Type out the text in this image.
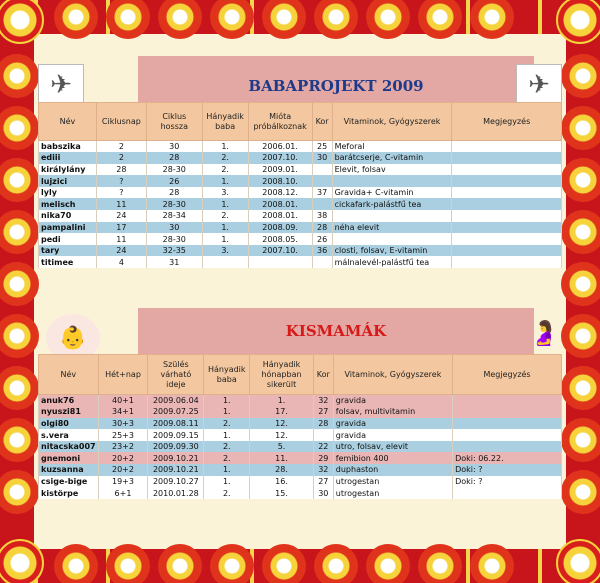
✈	BABAPROJEKT 2009	✈
Név	Ciklusnap	Ciklus hossza	Hányadik baba	Mióta próbálkoznak	Kor	Vitaminok, Gyógyszerek	Megjegyzés
babszika	2	30	1.	2006.01.	25	Meforal	
ediii	2	28	2.	2007.10.	30	barátcserje, C-vitamin	
királylány	28	28-30	2.	2009.01.		Elevit, folsav	
lujzici	?	26	1.	2008.10.			
lyly	?	28	3.	2008.12.	37	Gravida+ C-vitamin	
melisch	11	28-30	1.	2008.01.		cickafark-palástfű tea	
nika70	24	28-34	2.	2008.01.	38		
pampalini	17	30	1.	2008.09.	28	néha elevit	
pedi	11	28-30	1.	2008.05.	26		
tary	24	32-35	3.	2007.10.	36	closti, folsav, E-vitamin	
titimee	4	31				málnalevél-palástfű tea	
👶	KISMAMÁK	🤰
Név	Hét+nap	Szülés várható ideje	Hányadik baba	Hányadik hónapban sikerült	Kor	Vitaminok, Gyógyszerek	Megjegyzés
anuk76	40+1	2009.06.04	1.	1.	32	gravida	
nyuszi81	34+1	2009.07.25	1.	17.	27	folsav, multivitamin	
olgi80	30+3	2009.08.11	2.	12.	28	gravida	
s.vera	25+3	2009.09.15	1.	12.		gravida	
nitacska007	23+2	2009.09.30	2.	5.	22	utro, folsav, elevit	
gnemoni	20+2	2009.10.21	2.	11.	29	femibion 400	Doki: 06.22.
kuzsanna	20+2	2009.10.21	1.	28.	32	duphaston	Doki: ?
csige-bige	19+3	2009.10.27	1.	16.	27	utrogestan	Doki: ?
kistörpe	6+1	2010.01.28	2.	15.	30	utrogestan	
